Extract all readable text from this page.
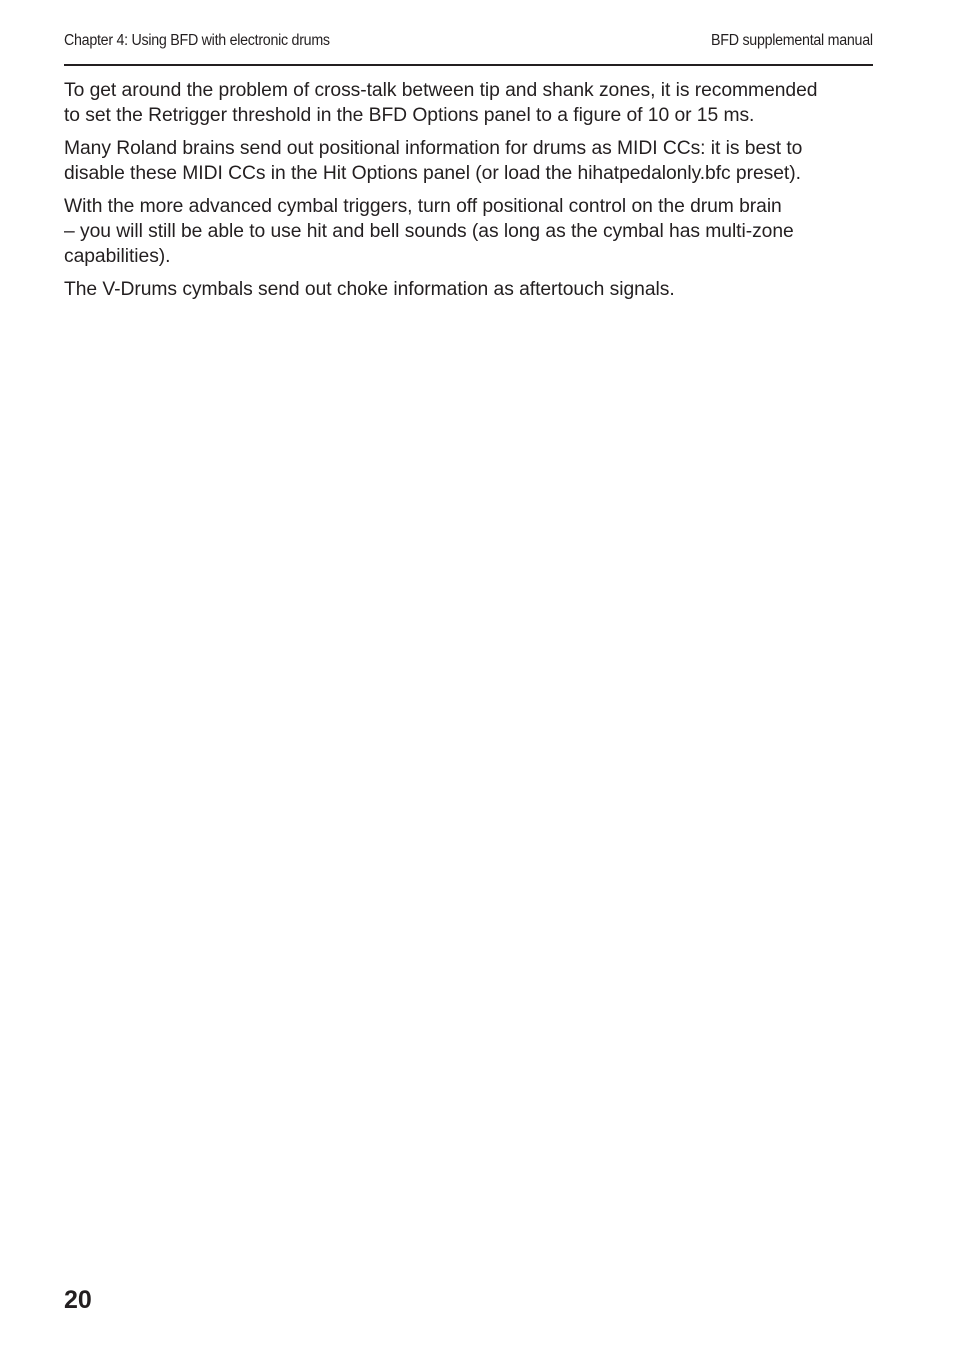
Chapter 4: Using BFD with electronic drums	BFD supplemental manual

To get around the problem of cross-talk between tip and shank zones, it is recommended
to set the Retrigger threshold in the BFD Options panel to a figure of 10 or 15 ms.

Many Roland brains send out positional information for drums as MIDI CCs: it is best to
disable these MIDI CCs in the Hit Options panel (or load the hihatpedalonly.bfc preset).

With the more advanced cymbal triggers, turn off positional control on the drum brain
– you will still be able to use hit and bell sounds (as long as the cymbal has multi-zone
capabilities).

The V-Drums cymbals send out choke information as aftertouch signals.

20
